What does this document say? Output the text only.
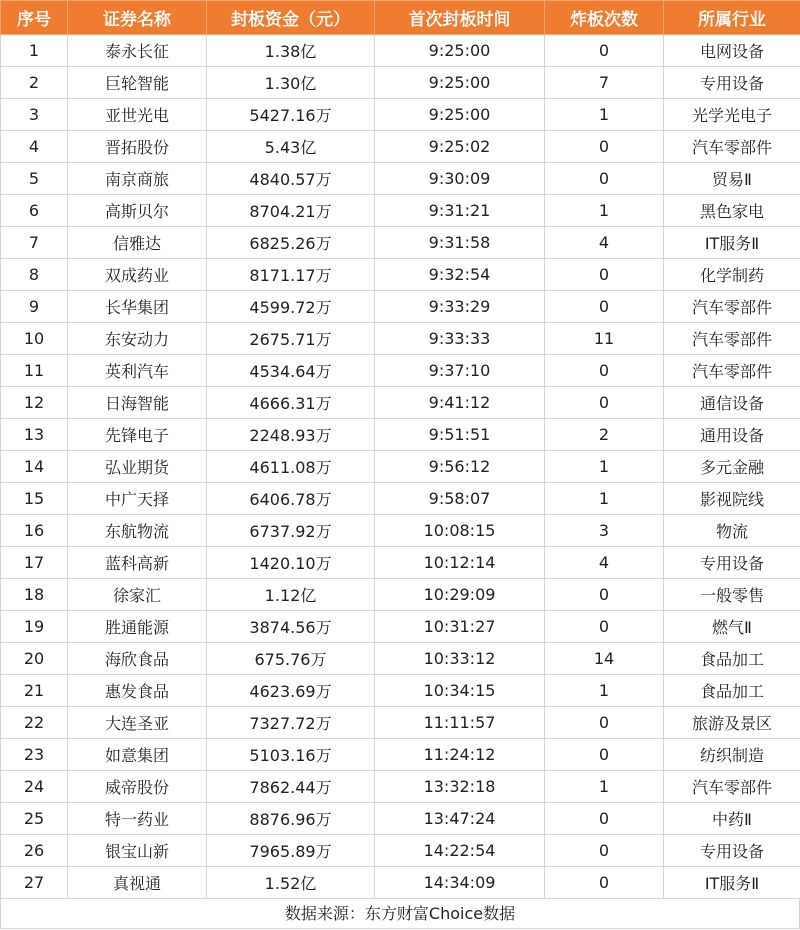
序号	证券名称	封板资金（元）	首次封板时间	炸板次数	所属行业
1	泰永长征	1.38亿	9:25:00	0	电网设备
2	巨轮智能	1.30亿	9:25:00	7	专用设备
3	亚世光电	5427.16万	9:25:00	1	光学光电子
4	晋拓股份	5.43亿	9:25:02	0	汽车零部件
5	南京商旅	4840.57万	9:30:09	0	贸易Ⅱ
6	高斯贝尔	8704.21万	9:31:21	1	黑色家电
7	信雅达	6825.26万	9:31:58	4	IT服务Ⅱ
8	双成药业	8171.17万	9:32:54	0	化学制药
9	长华集团	4599.72万	9:33:29	0	汽车零部件
10	东安动力	2675.71万	9:33:33	11	汽车零部件
11	英利汽车	4534.64万	9:37:10	0	汽车零部件
12	日海智能	4666.31万	9:41:12	0	通信设备
13	先锋电子	2248.93万	9:51:51	2	通用设备
14	弘业期货	4611.08万	9:56:12	1	多元金融
15	中广天择	6406.78万	9:58:07	1	影视院线
16	东航物流	6737.92万	10:08:15	3	物流
17	蓝科高新	1420.10万	10:12:14	4	专用设备
18	徐家汇	1.12亿	10:29:09	0	一般零售
19	胜通能源	3874.56万	10:31:27	0	燃气Ⅱ
20	海欣食品	675.76万	10:33:12	14	食品加工
21	惠发食品	4623.69万	10:34:15	1	食品加工
22	大连圣亚	7327.72万	11:11:57	0	旅游及景区
23	如意集团	5103.16万	11:24:12	0	纺织制造
24	威帝股份	7862.44万	13:32:18	1	汽车零部件
25	特一药业	8876.96万	13:47:24	0	中药Ⅱ
26	银宝山新	7965.89万	14:22:54	0	专用设备
27	真视通	1.52亿	14:34:09	0	IT服务Ⅱ
数据来源：东方财富Choice数据
